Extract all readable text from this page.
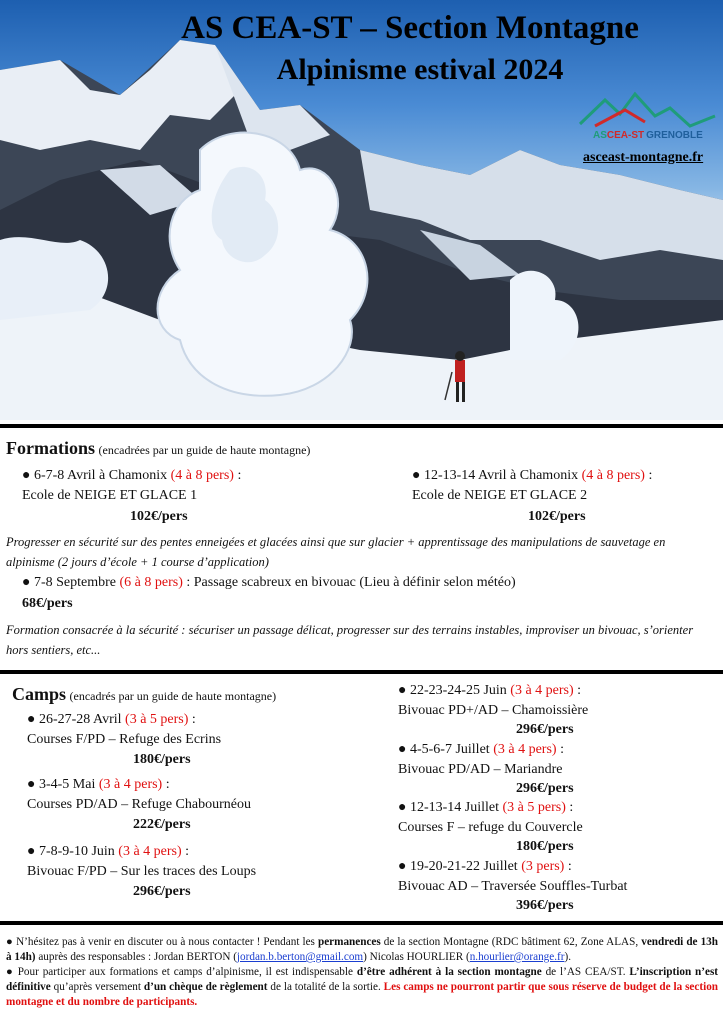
AS CEA-ST – Section Montagne
Alpinisme estival 2024
ASCEA-ST GRENOBLE
asceast-montagne.fr
Formations (encadrées par un guide de haute montagne)
● 6-7-8 Avril à Chamonix (4 à 8 pers) :
Ecole de NEIGE ET GLACE 1
102€/pers
● 12-13-14 Avril à Chamonix (4 à 8 pers) :
Ecole de NEIGE ET GLACE 2
102€/pers
Progresser en sécurité sur des pentes enneigées et glacées ainsi que sur glacier + apprentissage des manipulations de sauvetage en alpinisme (2 jours d’école + 1 course d’application)
● 7-8 Septembre (6 à 8 pers) : Passage scabreux en bivouac (Lieu à définir selon météo)
68€/pers
Formation consacrée à la sécurité : sécuriser un passage délicat, progresser sur des terrains instables, improviser un bivouac, s’orienter hors sentiers, etc...
Camps (encadrés par un guide de haute montagne)
● 26-27-28 Avril (3 à 5 pers) :
Courses F/PD – Refuge des Ecrins
180€/pers
● 3-4-5 Mai (3 à 4 pers) :
Courses PD/AD – Refuge Chabournéou
222€/pers
● 7-8-9-10 Juin (3 à 4 pers) :
Bivouac F/PD – Sur les traces des Loups
296€/pers
● 22-23-24-25 Juin (3 à 4 pers) :
Bivouac PD+/AD – Chamoissière
296€/pers
● 4-5-6-7 Juillet (3 à 4 pers) :
Bivouac PD/AD – Mariandre
296€/pers
● 12-13-14 Juillet (3 à 5 pers) :
Courses F – refuge du Couvercle
180€/pers
● 19-20-21-22 Juillet (3 pers) :
Bivouac AD – Traversée Souffles-Turbat
396€/pers
● N’hésitez pas à venir en discuter ou à nous contacter ! Pendant les permanences de la section Montagne (RDC bâtiment 62, Zone ALAS, vendredi de 13h à 14h) auprès des responsables : Jordan BERTON (jordan.b.berton@gmail.com) Nicolas HOURLIER (n.hourlier@orange.fr).
● Pour participer aux formations et camps d’alpinisme, il est indispensable d’être adhérent à la section montagne de l’AS CEA/ST. L’inscription n’est définitive qu’après versement d’un chèque de règlement de la totalité de la sortie. Les camps ne pourront partir que sous réserve de budget de la section montagne et du nombre de participants.
